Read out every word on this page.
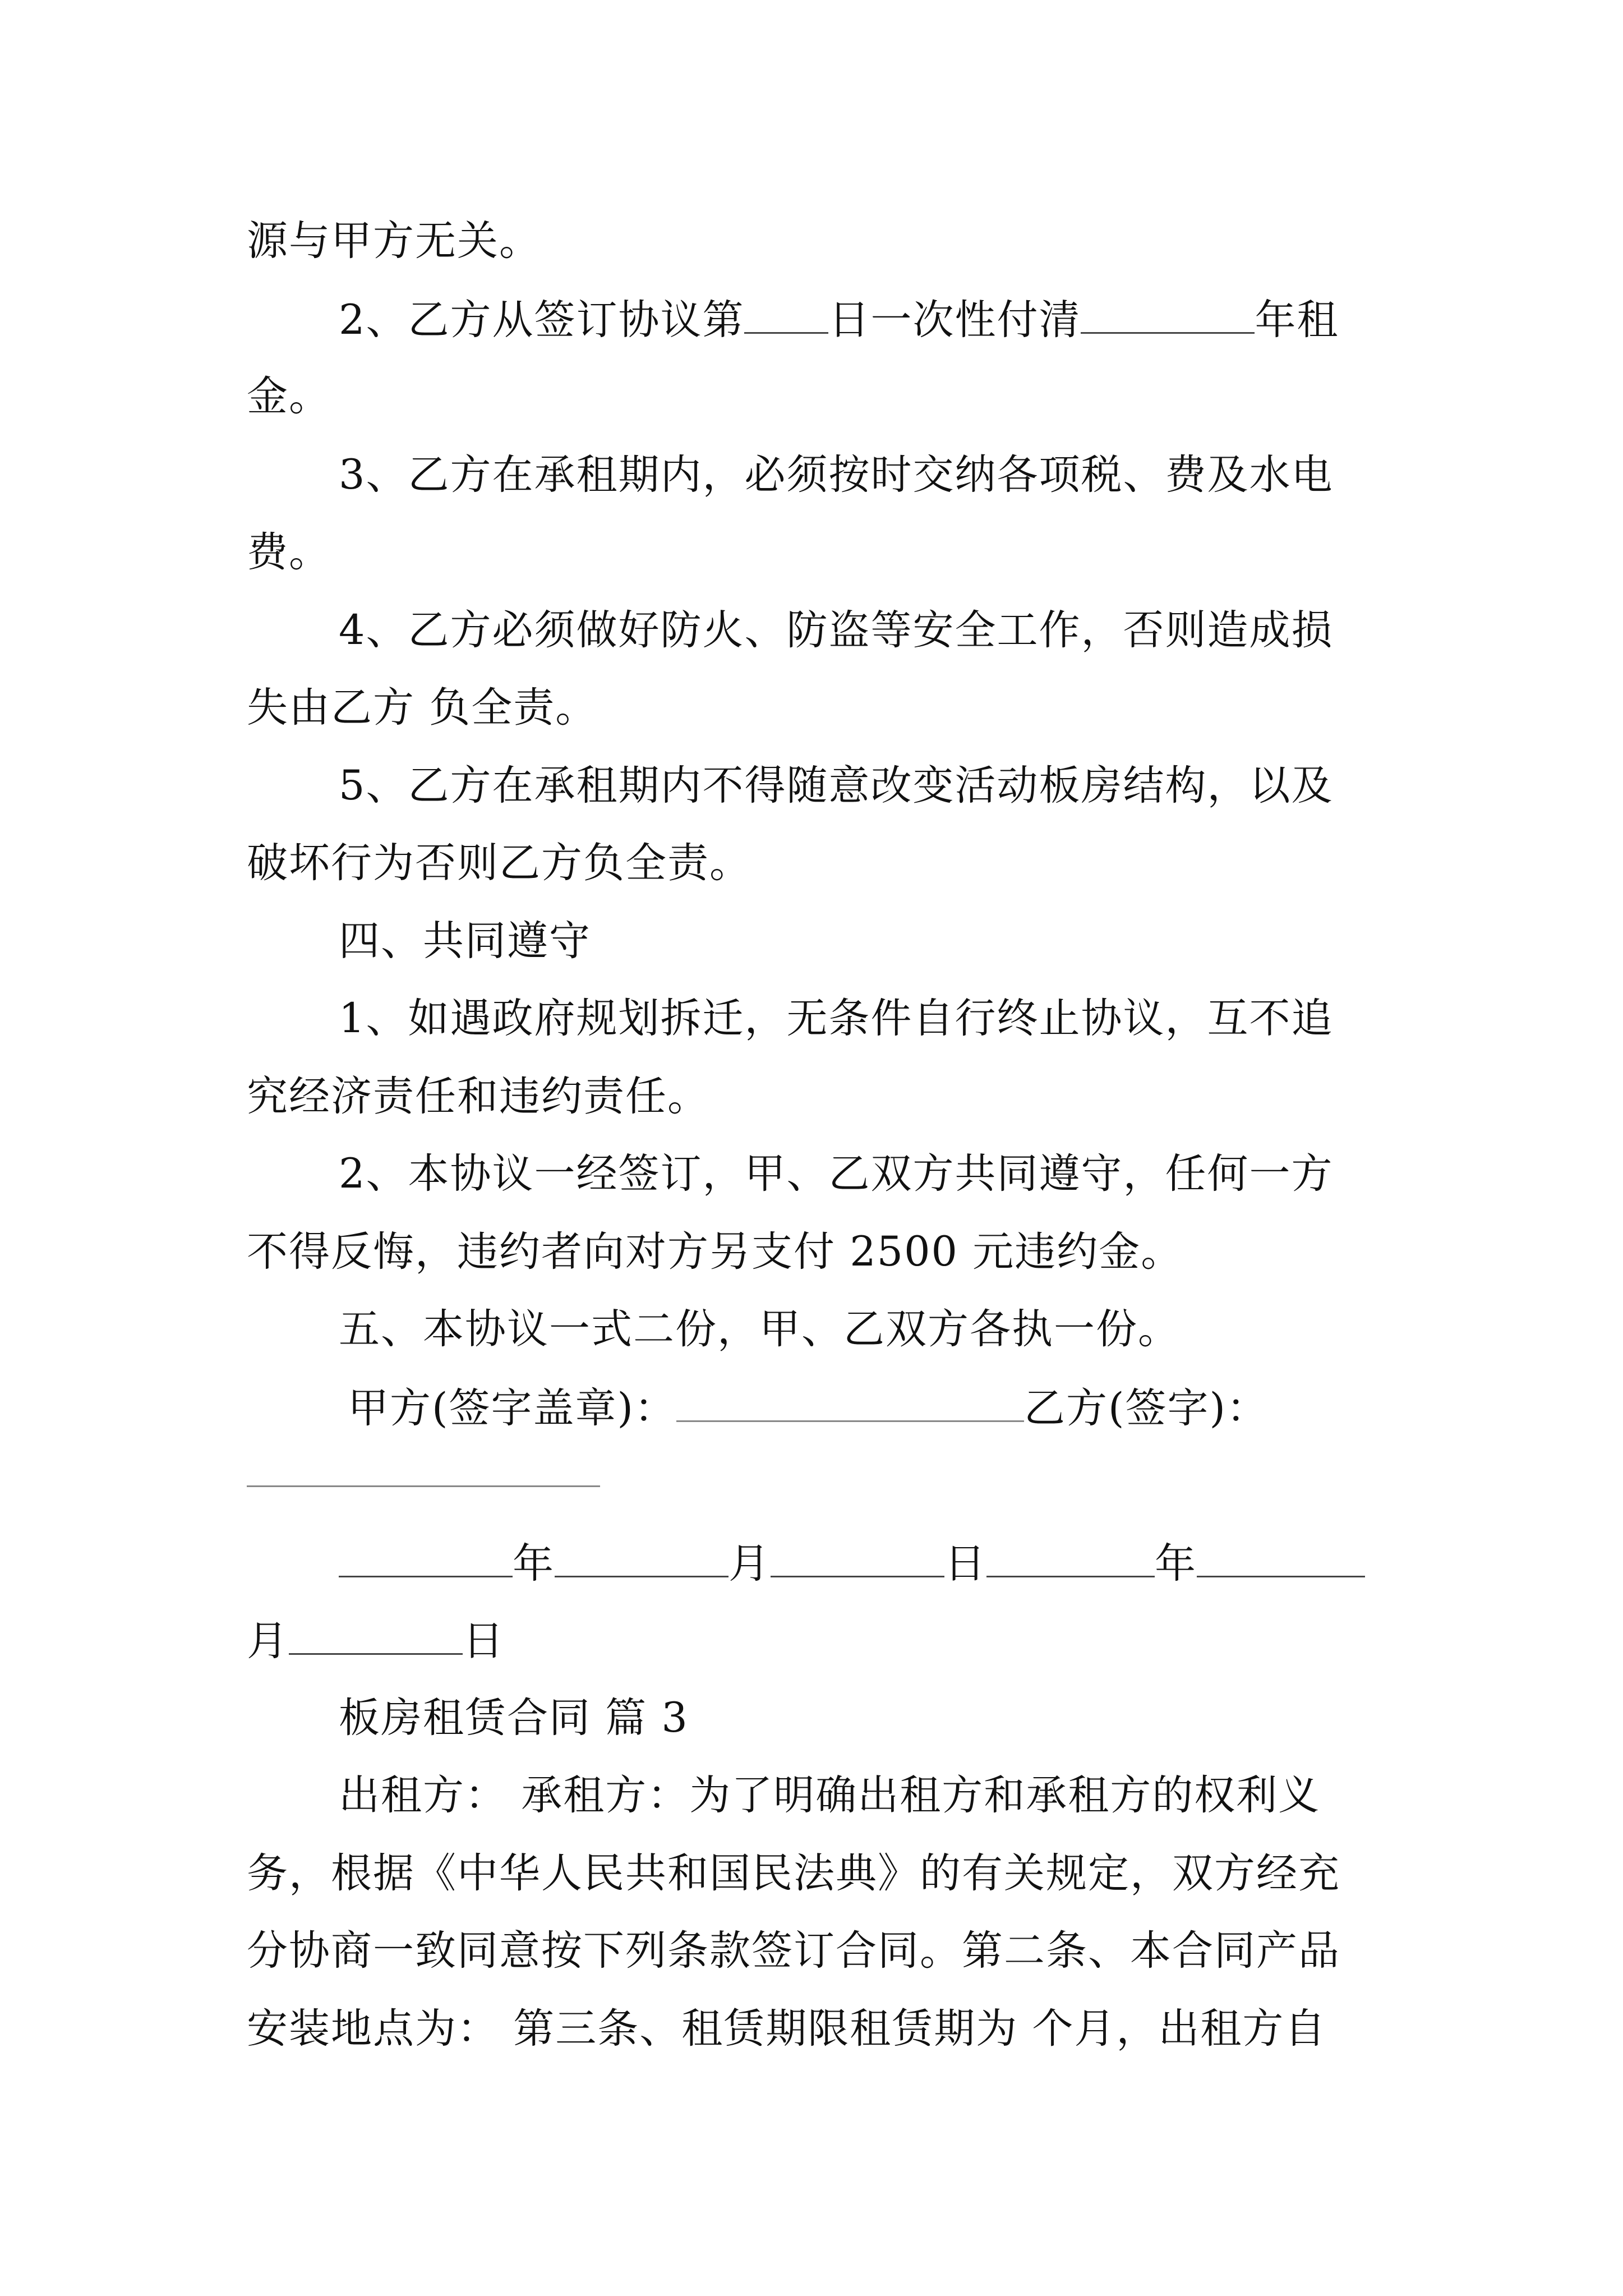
源与甲方无关。
2、乙方从签订协议第 日一次性付清	年租
金。
3、乙方在承租期内，必须按时交纳各项税、费及水电
费。
4、乙方必须做好防火、防盗等安全工作，否则造成损
失由乙方 负全责。
5、乙方在承租期内不得随意改变活动板房结构，以及
破坏行为否则乙方负全责。
四、共同遵守
1、如遇政府规划拆迁，无条件自行终止协议，互不追
究经济责任和违约责任。
2、本协议一经签订，甲、乙双方共同遵守，任何一方
不得反悔，违约者向对方另支付 2500 元违约金。
五、本协议一式二份，甲、乙双方各执一份。
甲方(签字盖章)：	乙方(签字)：
年	月	日	年
月	日
板房租赁合同 篇 3
出租方： 承租方：为了明确出租方和承租方的权利义
务，根据《中华人民共和国民法典》的有关规定，双方经充
分协商一致同意按下列条款签订合同。第二条、本合同产品
安装地点为： 第三条、租赁期限租赁期为 个月，出租方自
